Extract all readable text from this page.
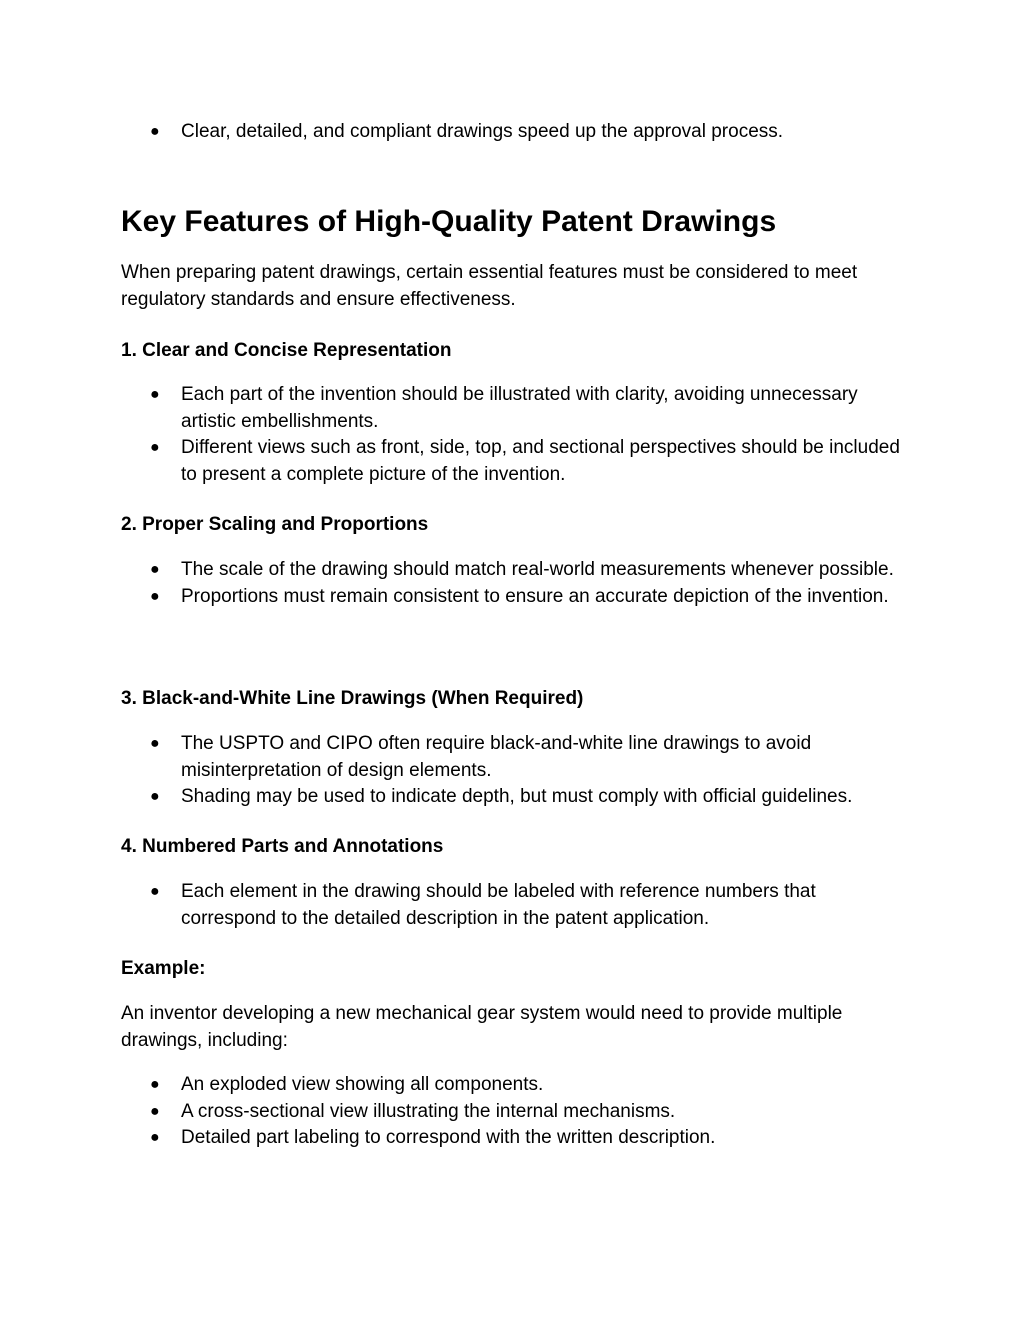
● Clear, detailed, and compliant drawings speed up the approval process.
Key Features of High-Quality Patent Drawings

When preparing patent drawings, certain essential features must be considered to meet regulatory standards and ensure effectiveness.

1. Clear and Concise Representation
● Each part of the invention should be illustrated with clarity, avoiding unnecessary artistic embellishments.
● Different views such as front, side, top, and sectional perspectives should be included to present a complete picture of the invention.
2. Proper Scaling and Proportions
● The scale of the drawing should match real-world measurements whenever possible.
● Proportions must remain consistent to ensure an accurate depiction of the invention.
3. Black-and-White Line Drawings (When Required)
● The USPTO and CIPO often require black-and-white line drawings to avoid misinterpretation of design elements.
● Shading may be used to indicate depth, but must comply with official guidelines.
4. Numbered Parts and Annotations
● Each element in the drawing should be labeled with reference numbers that correspond to the detailed description in the patent application.
Example:

An inventor developing a new mechanical gear system would need to provide multiple drawings, including:

● An exploded view showing all components.
● A cross-sectional view illustrating the internal mechanisms.
● Detailed part labeling to correspond with the written description.
